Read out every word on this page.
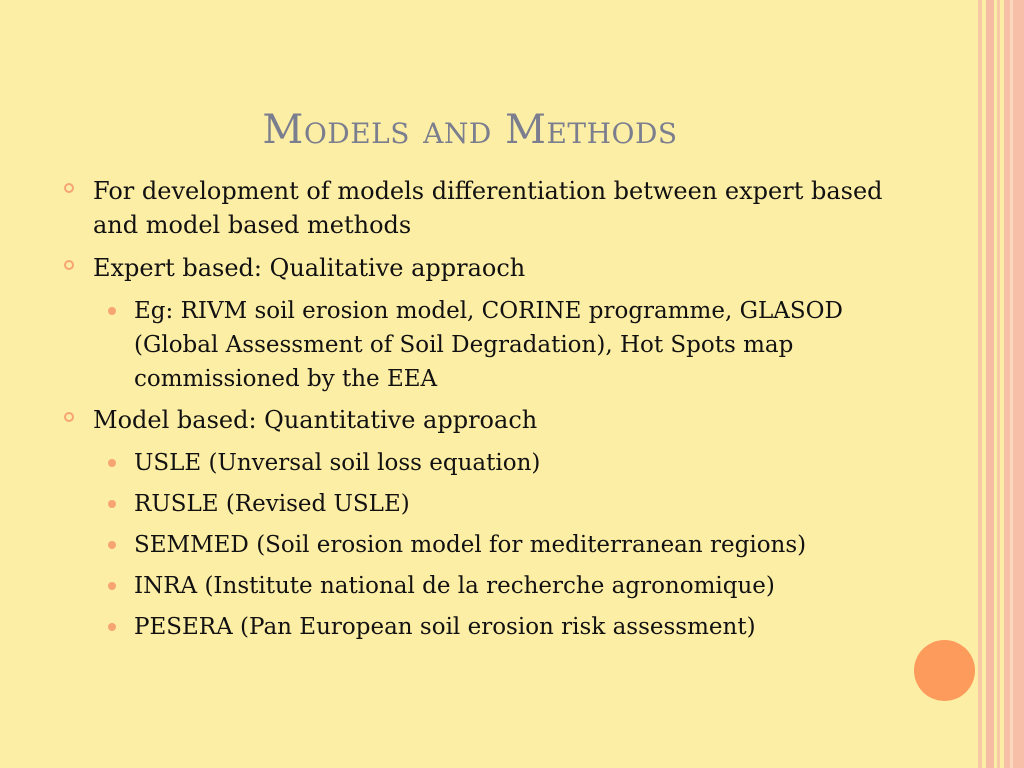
Models and Methods
For development of models differentiation between expert based and model based methods
Expert based: Qualitative appraoch
Eg: RIVM soil erosion model, CORINE programme, GLASOD (Global Assessment of Soil Degradation), Hot Spots map commissioned by the EEA
Model based: Quantitative approach
USLE (Unversal soil loss equation)
RUSLE (Revised USLE)
SEMMED (Soil erosion model for mediterranean regions)
INRA (Institute national de la recherche agronomique)
PESERA (Pan European soil erosion risk assessment)
